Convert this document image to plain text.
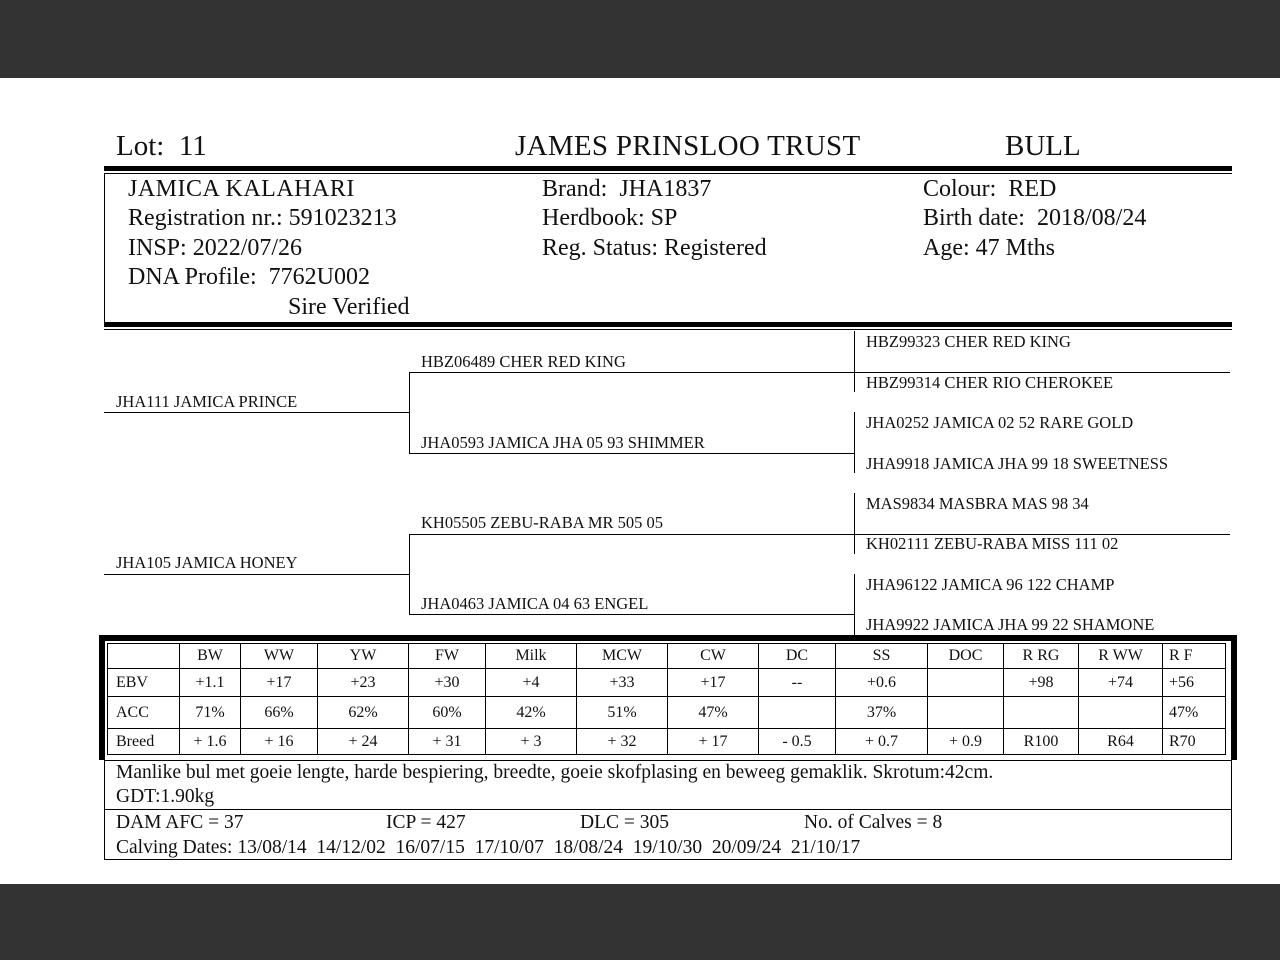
Lot: 11	JAMES PRINSLOO TRUST	BULL
JAMICA KALAHARI
Registration nr.: 591023213
INSP: 2022/07/26
DNA Profile: 7762U002
Sire Verified
Brand: JHA1837
Herdbook: SP
Reg. Status: Registered
Colour: RED
Birth date: 2018/08/24
Age: 47 Mths
JHA111 JAMICA PRINCE
JHA105 JAMICA HONEY
HBZ06489 CHER RED KING
JHA0593 JAMICA JHA 05 93 SHIMMER
KH05505 ZEBU-RABA MR 505 05
JHA0463 JAMICA 04 63 ENGEL
HBZ99323 CHER RED KING
HBZ99314 CHER RIO CHEROKEE
JHA0252 JAMICA 02 52 RARE GOLD
JHA9918 JAMICA JHA 99 18 SWEETNESS
MAS9834 MASBRA MAS 98 34
KH02111 ZEBU-RABA MISS 111 02
JHA96122 JAMICA 96 122 CHAMP
JHA9922 JAMICA JHA 99 22 SHAMONE
	BW	WW	YW	FW	Milk	MCW	CW	DC	SS	DOC	R RG	R WW	R F
EBV	+1.1	+17	+23	+30	+4	+33	+17	--	+0.6		+98	+74	+56
ACC	71%	66%	62%	60%	42%	51%	47%		37%				47%
Breed	+ 1.6	+ 16	+ 24	+ 31	+ 3	+ 32	+ 17	- 0.5	+ 0.7	+ 0.9	R100	R64	R70
Manlike bul met goeie lengte, harde bespiering, breedte, goeie skofplasing en beweeg gemaklik. Skrotum:42cm.
GDT:1.90kg
DAM AFC = 37	ICP = 427	DLC = 305	No. of Calves = 8
Calving Dates: 13/08/14  14/12/02  16/07/15  17/10/07  18/08/24  19/10/30  20/09/24  21/10/17
